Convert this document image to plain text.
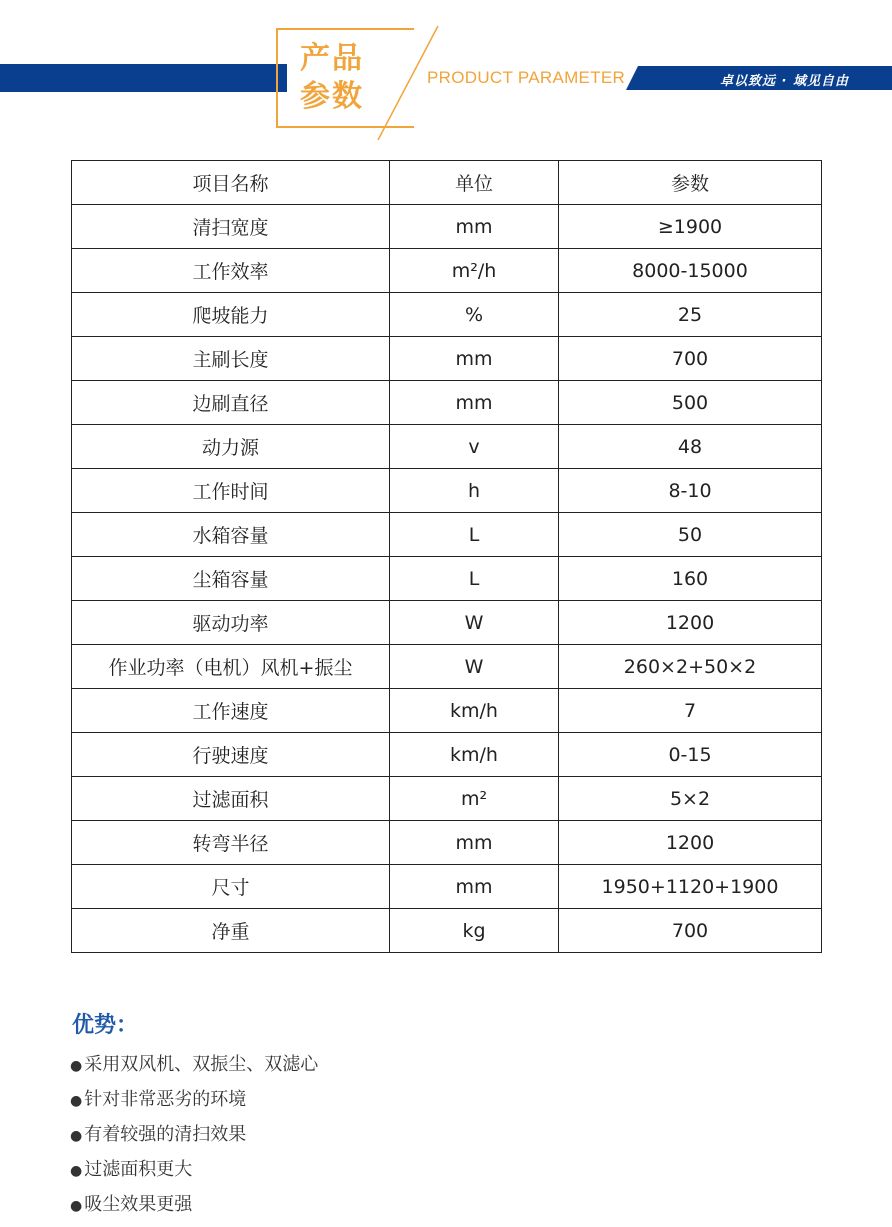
产品
参数
PRODUCT PARAMETER	卓以致远 · 域见自由
项目名称	单位	参数
清扫宽度	mm	≥1900
工作效率	m²/h	8000-15000
爬坡能力	%	25
主刷长度	mm	700
边刷直径	mm	500
动力源	v	48
工作时间	h	8-10
水箱容量	L	50
尘箱容量	L	160
驱动功率	W	1200
作业功率（电机）风机+振尘	W	260×2+50×2
工作速度	km/h	7
行驶速度	km/h	0-15
过滤面积	m²	5×2
转弯半径	mm	1200
尺寸	mm	1950+1120+1900
净重	kg	700
优势：
● 采用双风机、双振尘、双滤心
● 针对非常恶劣的环境
● 有着较强的清扫效果
● 过滤面积更大
● 吸尘效果更强
